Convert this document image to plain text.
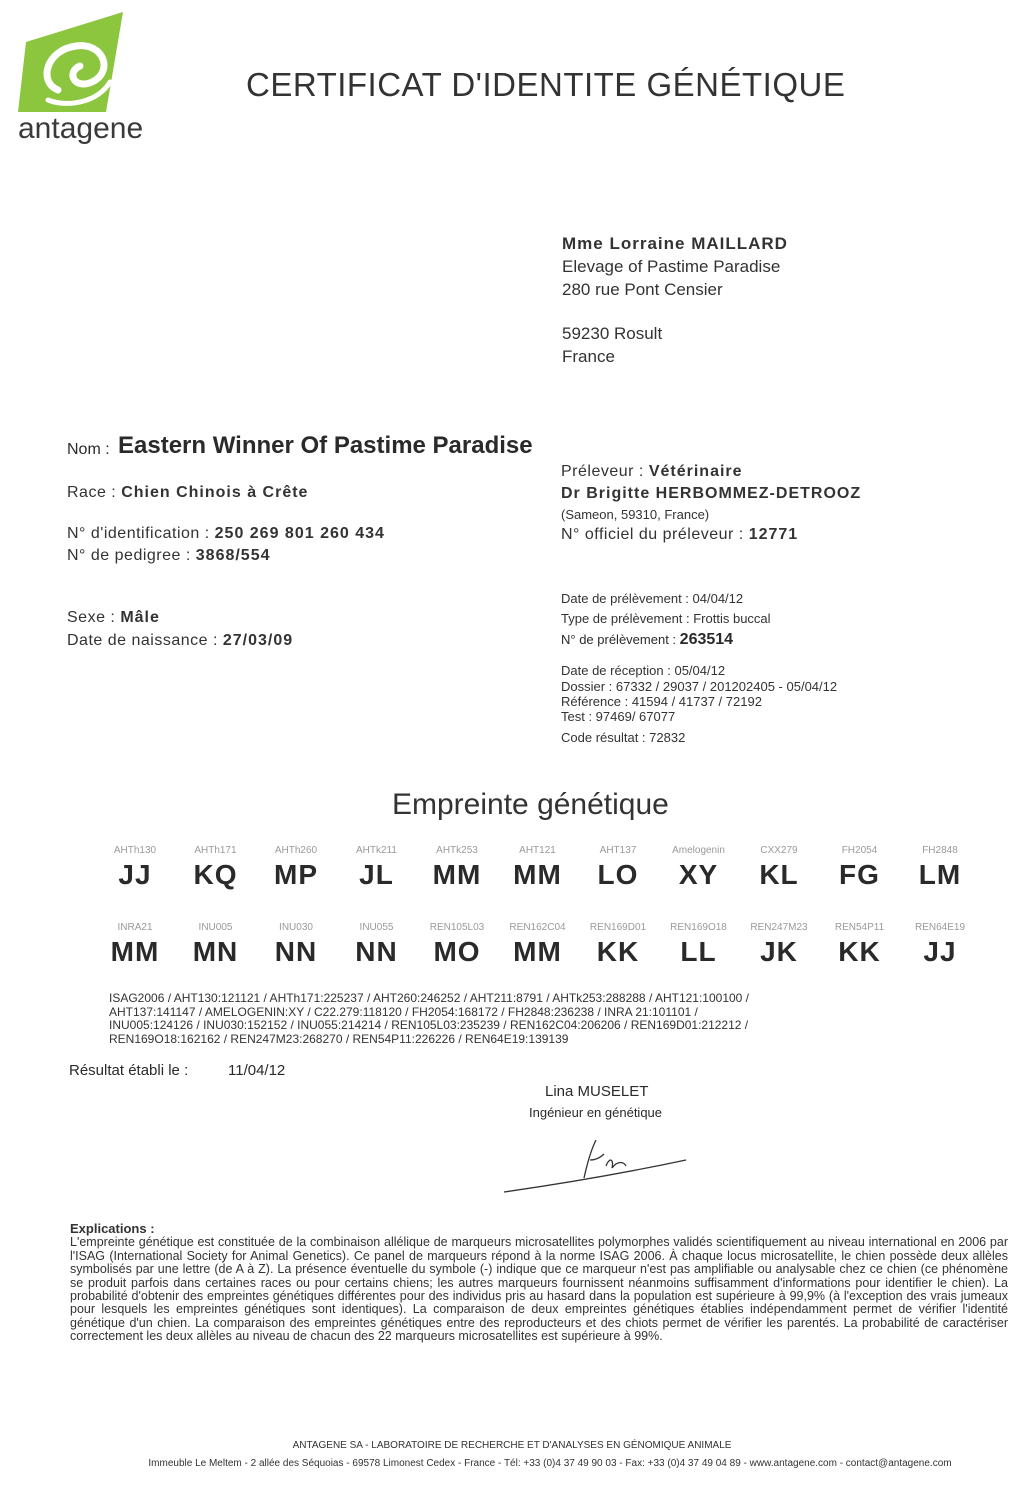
antagene
CERTIFICAT D'IDENTITE GÉNÉTIQUE
Mme Lorraine MAILLARD
Elevage of Pastime Paradise
280 rue Pont Censier
59230 Rosult
France
Nom : Eastern Winner Of Pastime Paradise
Race : Chien Chinois à Crête
N° d'identification : 250 269 801 260 434
N° de pedigree : 3868/554
Sexe : Mâle
Date de naissance : 27/03/09
Préleveur : Vétérinaire
Dr Brigitte HERBOMMEZ-DETROOZ
(Sameon, 59310, France)
N° officiel du préleveur : 12771
Date de prélèvement : 04/04/12
Type de prélèvement : Frottis buccal
N° de prélèvement : 263514
Date de réception : 05/04/12
Dossier : 67332 / 29037 / 201202405 - 05/04/12
Référence : 41594 / 41737 / 72192
Test : 97469/ 67077
Code résultat : 72832
Empreinte génétique
AHTh130
JJ
AHTh171
KQ
AHTh260
MP
AHTk211
JL
AHTk253
MM
AHT121
MM
AHT137
LO
Amelogenin
XY
CXX279
KL
FH2054
FG
FH2848
LM
INRA21
MM
INU005
MN
INU030
NN
INU055
NN
REN105L03
MO
REN162C04
MM
REN169D01
KK
REN169O18
LL
REN247M23
JK
REN54P11
KK
REN64E19
JJ
ISAG2006 / AHT130:121121 / AHTh171:225237 / AHT260:246252 / AHT211:8791 / AHTk253:288288 / AHT121:100100 /
AHT137:141147 / AMELOGENIN:XY / C22.279:118120 / FH2054:168172 / FH2848:236238 / INRA 21:101101 /
INU005:124126 / INU030:152152 / INU055:214214 / REN105L03:235239 / REN162C04:206206 / REN169D01:212212 /
REN169O18:162162 / REN247M23:268270 / REN54P11:226226 / REN64E19:139139
Résultat établi le :	11/04/12
Lina MUSELET
Ingénieur en génétique
Explications :
L'empreinte génétique est constituée de la combinaison allélique de marqueurs microsatellites polymorphes validés scientifiquement au niveau international en 2006 par l'ISAG (International Society for Animal Genetics). Ce panel de marqueurs répond à la norme ISAG 2006. À chaque locus microsatellite, le chien possède deux allèles symbolisés par une lettre (de A à Z). La présence éventuelle du symbole (-) indique que ce marqueur n'est pas amplifiable ou analysable chez ce chien (ce phénomène se produit parfois dans certaines races ou pour certains chiens; les autres marqueurs fournissent néanmoins suffisamment d'informations pour identifier le chien). La probabilité d'obtenir des empreintes génétiques différentes pour des individus pris au hasard dans la population est supérieure à 99,9% (à l'exception des vrais jumeaux pour lesquels les empreintes génétiques sont identiques). La comparaison de deux empreintes génétiques établies indépendamment permet de vérifier l'identité génétique d'un chien. La comparaison des empreintes génétiques entre des reproducteurs et des chiots permet de vérifier les parentés. La probabilité de caractériser correctement les deux allèles au niveau de chacun des 22 marqueurs microsatellites est supérieure à 99%.
ANTAGENE SA - LABORATOIRE DE RECHERCHE ET D'ANALYSES EN GÉNOMIQUE ANIMALE
Immeuble Le Meltem - 2 allée des Séquoias - 69578 Limonest Cedex - France - Tél: +33 (0)4 37 49 90 03 - Fax: +33 (0)4 37 49 04 89 - www.antagene.com - contact@antagene.com
